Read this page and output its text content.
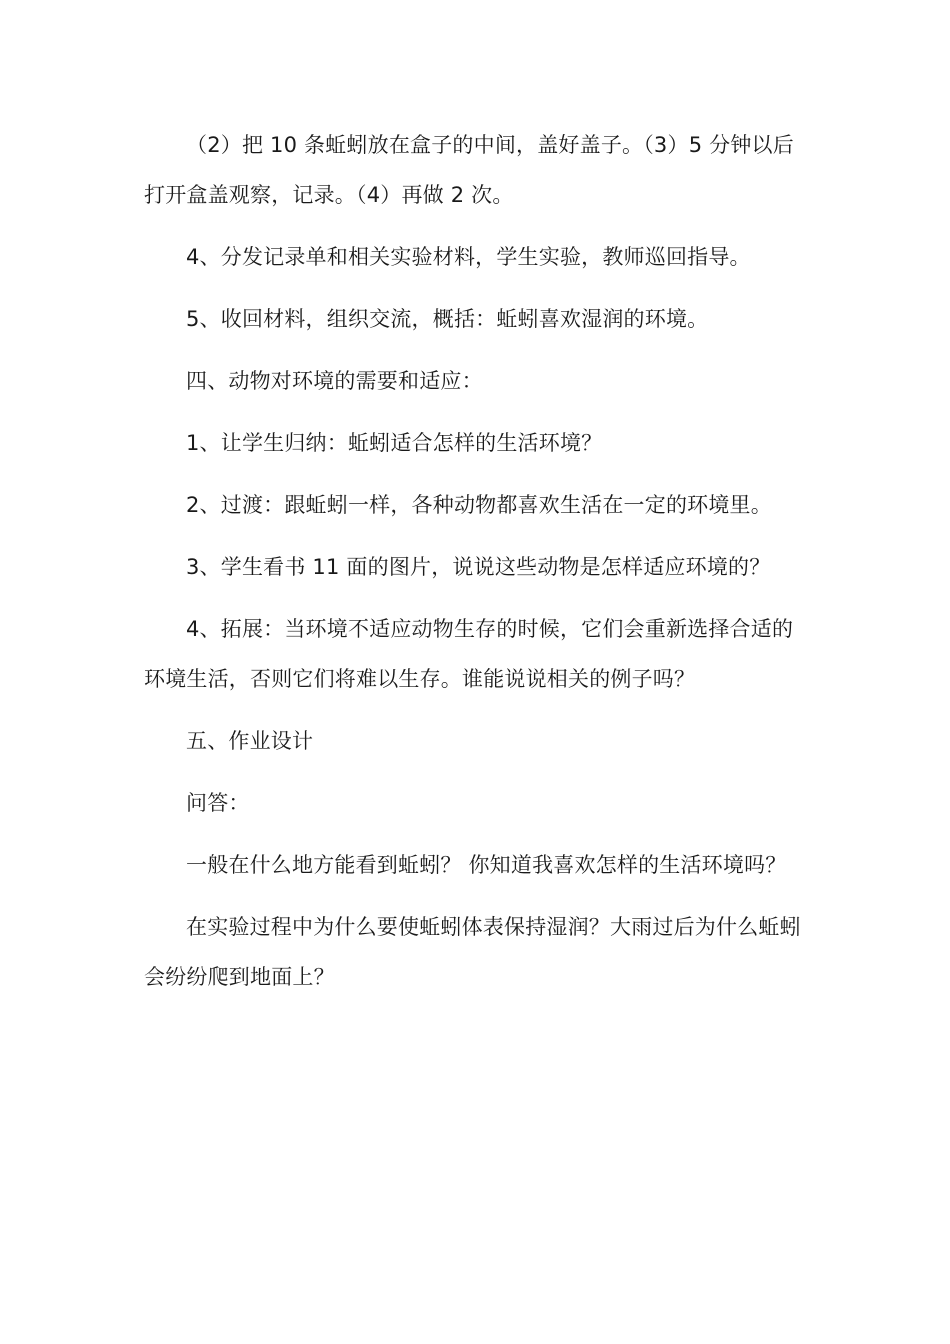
（2）把 10 条蚯蚓放在盒子的中间，盖好盖子。（3）5 分钟以后打开盒盖观察，记录。（4）再做 2 次。

4、分发记录单和相关实验材料，学生实验，教师巡回指导。

5、收回材料，组织交流，概括：蚯蚓喜欢湿润的环境。

四、动物对环境的需要和适应：

1、让学生归纳：蚯蚓适合怎样的生活环境？

2、过渡：跟蚯蚓一样，各种动物都喜欢生活在一定的环境里。

3、学生看书 11 面的图片，说说这些动物是怎样适应环境的？

4、拓展：当环境不适应动物生存的时候，它们会重新选择合适的环境生活，否则它们将难以生存。谁能说说相关的例子吗？

五、作业设计

问答：

一般在什么地方能看到蚯蚓？ 你知道我喜欢怎样的生活环境吗？

在实验过程中为什么要使蚯蚓体表保持湿润？大雨过后为什么蚯蚓会纷纷爬到地面上？
